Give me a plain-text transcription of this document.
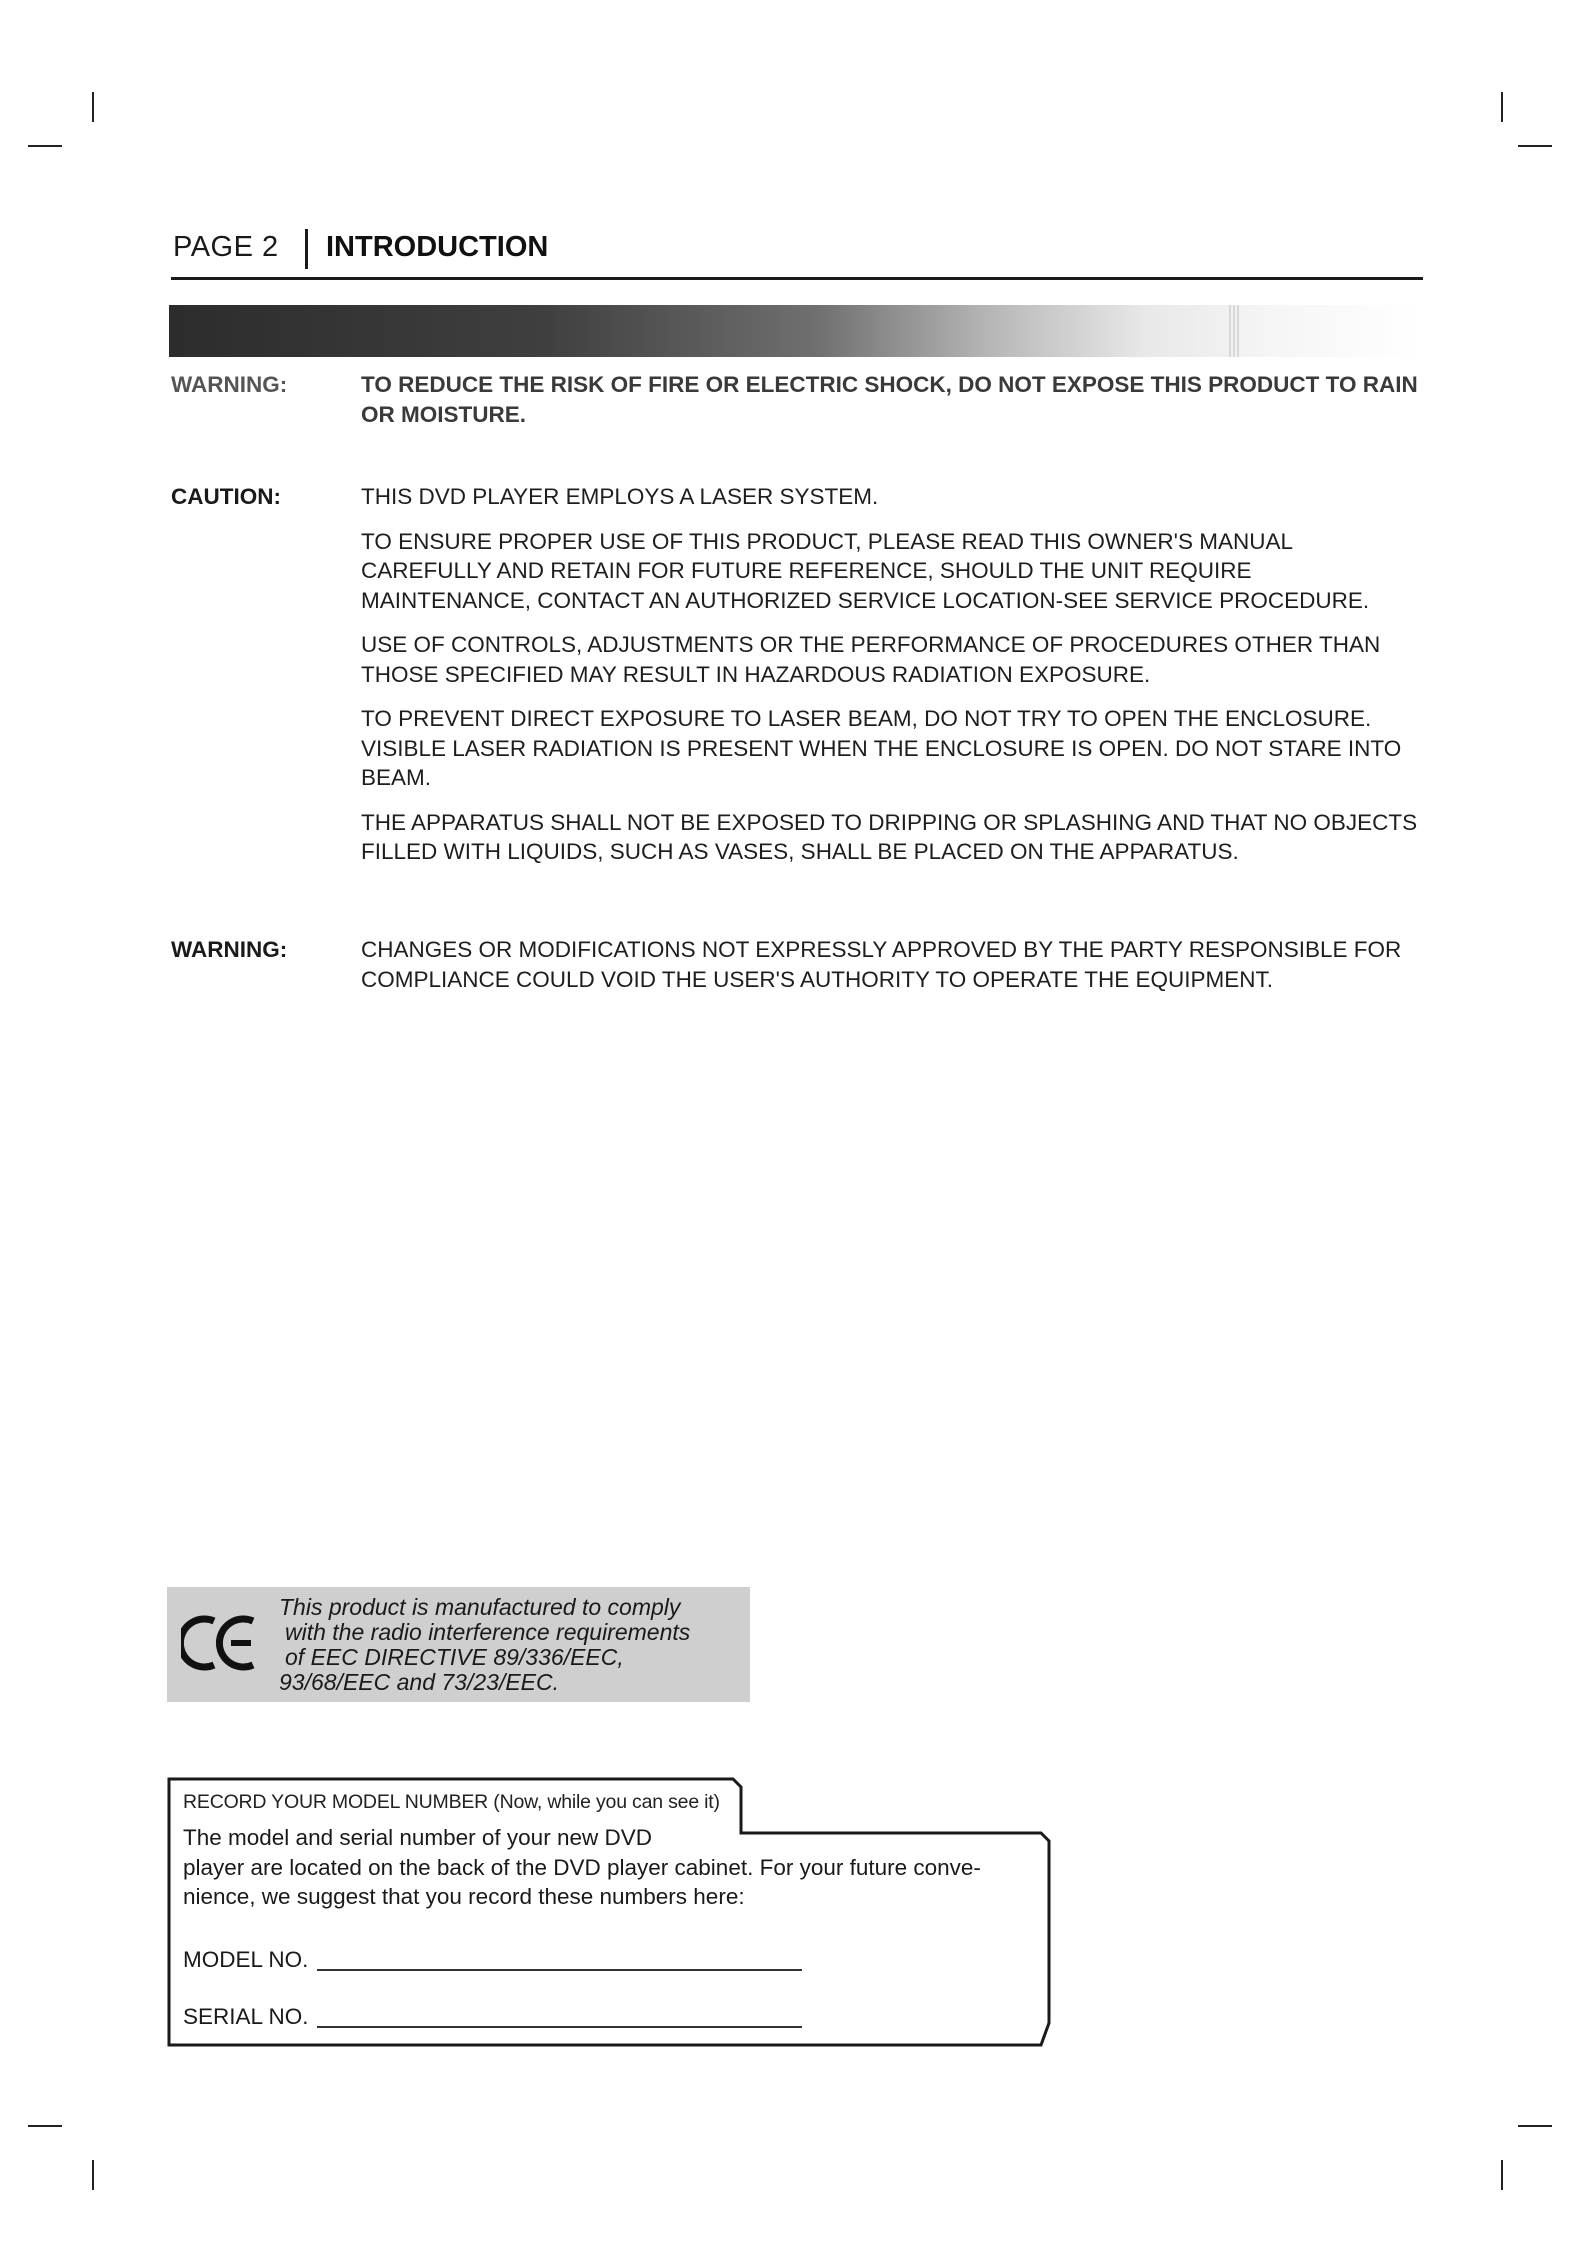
PAGE 2 INTRODUCTION
WARNING:	TO REDUCE THE RISK OF FIRE OR ELECTRIC SHOCK, DO NOT EXPOSE THIS PRODUCT TO RAIN OR MOISTURE.

CAUTION:	THIS DVD PLAYER EMPLOYS A LASER SYSTEM.

TO ENSURE PROPER USE OF THIS PRODUCT, PLEASE READ THIS OWNER'S MANUAL CAREFULLY AND RETAIN FOR FUTURE REFERENCE, SHOULD THE UNIT REQUIRE MAINTENANCE, CONTACT AN AUTHORIZED SERVICE LOCATION-SEE SERVICE PROCEDURE.

USE OF CONTROLS, ADJUSTMENTS OR THE PERFORMANCE OF PROCEDURES OTHER THAN THOSE SPECIFIED MAY RESULT IN HAZARDOUS RADIATION EXPOSURE.

TO PREVENT DIRECT EXPOSURE TO LASER BEAM, DO NOT TRY TO OPEN THE ENCLOSURE. VISIBLE LASER RADIATION IS PRESENT WHEN THE ENCLOSURE IS OPEN. DO NOT STARE INTO BEAM.

THE APPARATUS SHALL NOT BE EXPOSED TO DRIPPING OR SPLASHING AND THAT NO OBJECTS FILLED WITH LIQUIDS, SUCH AS VASES, SHALL BE PLACED ON THE APPARATUS.

WARNING:	CHANGES OR MODIFICATIONS NOT EXPRESSLY APPROVED BY THE PARTY RESPONSIBLE FOR COMPLIANCE COULD VOID THE USER'S AUTHORITY TO OPERATE THE EQUIPMENT.

This product is manufactured to comply
with the radio interference requirements
of EEC DIRECTIVE 89/336/EEC,
93/68/EEC and 73/23/EEC.
RECORD YOUR MODEL NUMBER (Now, while you can see it)

The model and serial number of your new DVD

player are located on the back of the DVD player cabinet. For your future conve-

nience, we suggest that you record these numbers here:

MODEL NO.
SERIAL NO.
